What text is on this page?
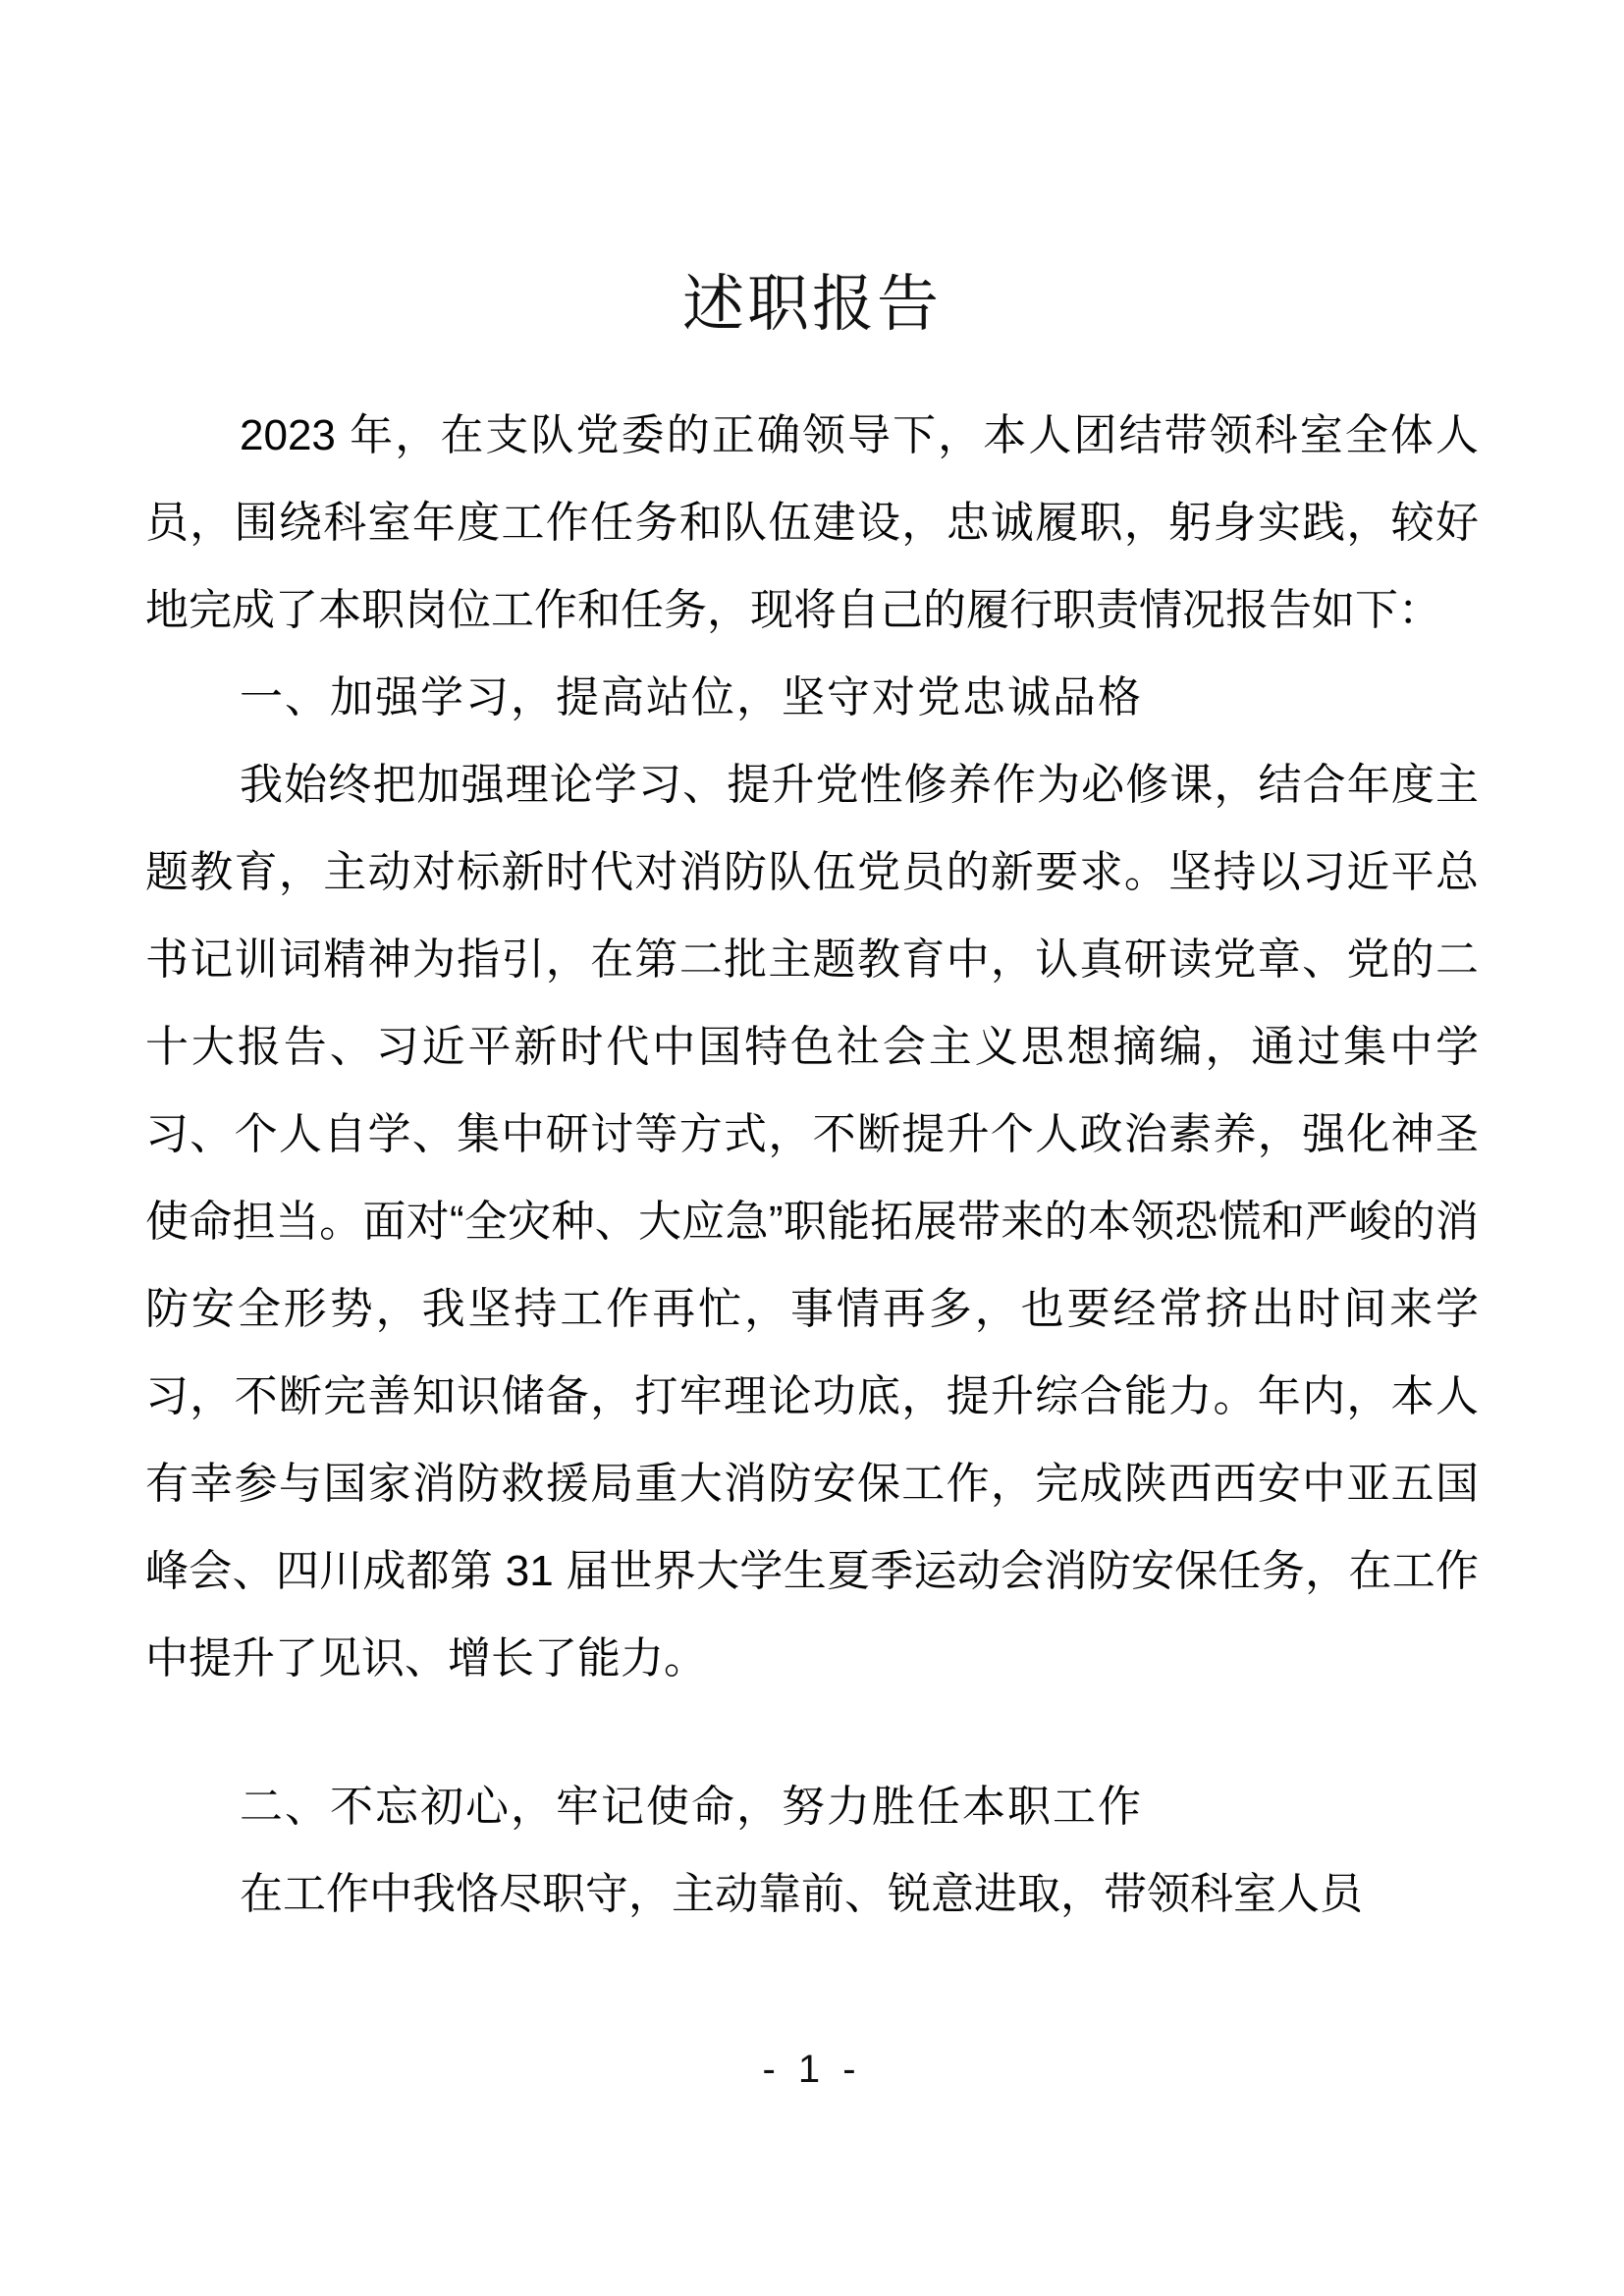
述职报告

2023 年，在支队党委的正确领导下，本人团结带领科室全体人员，围绕科室年度工作任务和队伍建设，忠诚履职，躬身实践，较好地完成了本职岗位工作和任务，现将自己的履行职责情况报告如下：

一、加强学习，提高站位，坚守对党忠诚品格

我始终把加强理论学习、提升党性修养作为必修课，结合年度主题教育，主动对标新时代对消防队伍党员的新要求。坚持以习近平总书记训词精神为指引，在第二批主题教育中，认真研读党章、党的二十大报告、习近平新时代中国特色社会主义思想摘编，通过集中学习、个人自学、集中研讨等方式，不断提升个人政治素养，强化神圣使命担当。面对“全灾种、大应急”职能拓展带来的本领恐慌和严峻的消防安全形势，我坚持工作再忙，事情再多，也要经常挤出时间来学习，不断完善知识储备，打牢理论功底，提升综合能力。年内，本人有幸参与国家消防救援局重大消防安保工作，完成陕西西安中亚五国峰会、四川成都第 31 届世界大学生夏季运动会消防安保任务，在工作中提升了见识、增长了能力。

二、不忘初心，牢记使命，努力胜任本职工作

在工作中我恪尽职守，主动靠前、锐意进取，带领科室人员

- 1 -
